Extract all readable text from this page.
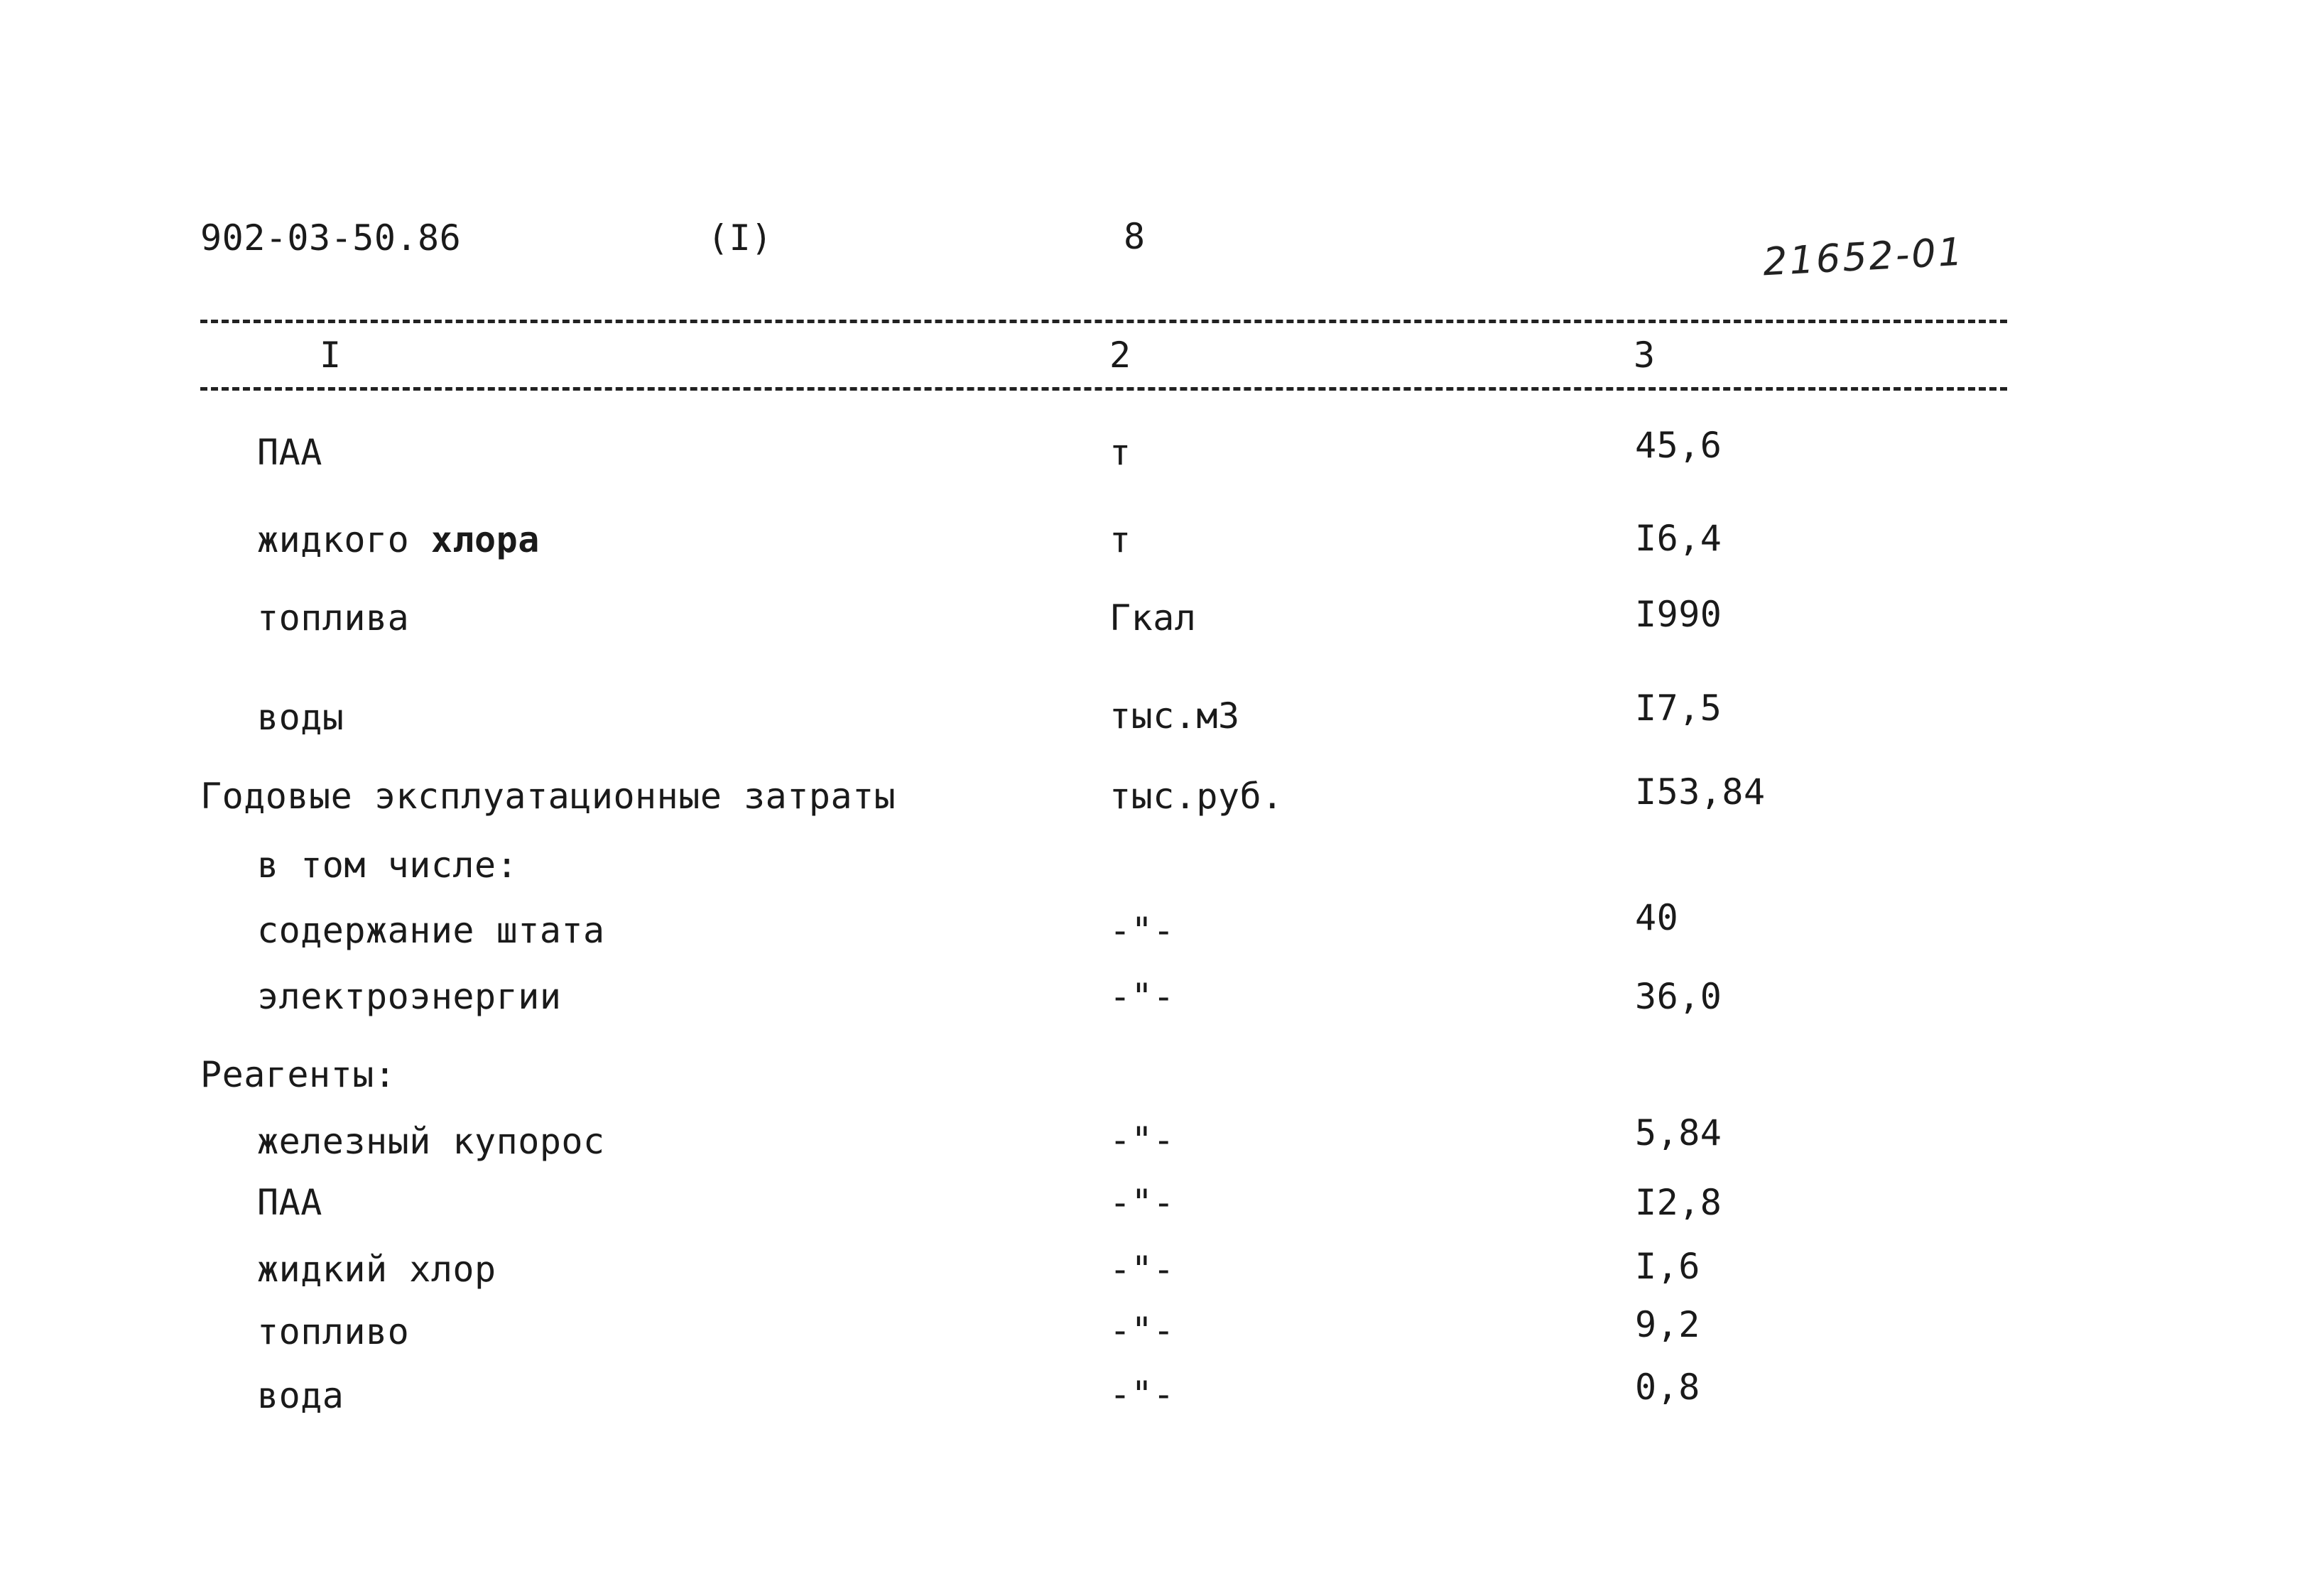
902-03-50.86	(I)	8	21652-01
I	2	3
ПАА	т	45,6
жидкого хлора	т	I6,4
топлива	Гкал	I990
воды	тыс.м3	I7,5
Годовые эксплуатационные затраты	тыс.руб.	I53,84
в том числе:
содержание штата	-"-	40
электроэнергии	-"-	36,0
Реагенты:
железный купорос	-"-	5,84
ПАА	-"-	I2,8
жидкий хлор	-"-	I,6
топливо	-"-	9,2
вода	-"-	0,8
